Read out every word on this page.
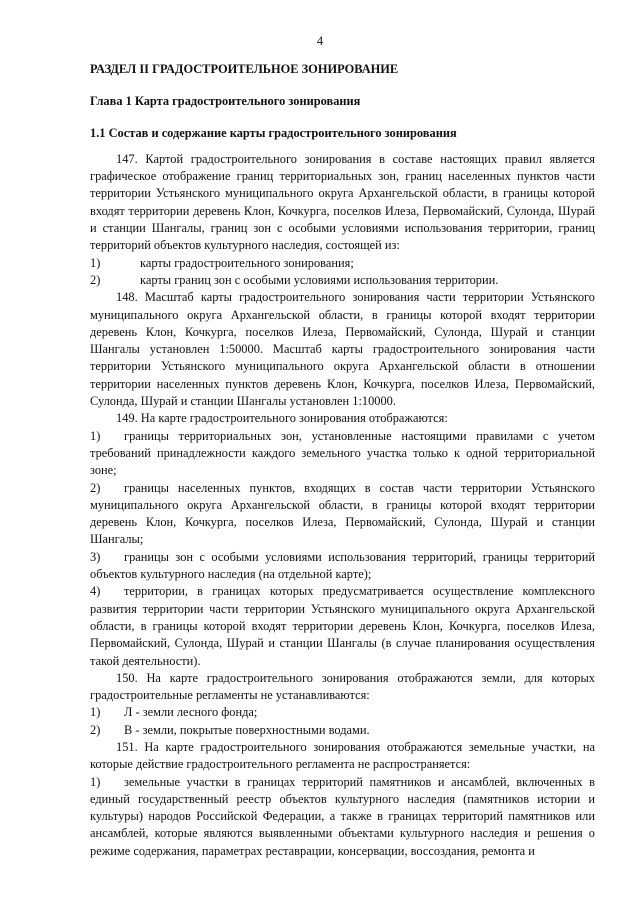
4

РАЗДЕЛ II ГРАДОСТРОИТЕЛЬНОЕ ЗОНИРОВАНИЕ

Глава 1 Карта градостроительного зонирования

1.1 Состав и содержание карты градостроительного зонирования

147. Картой градостроительного зонирования в составе настоящих правил является графическое отображение границ территориальных зон, границ населенных пунктов части территории Устьянского муниципального округа Архангельской области, в границы которой входят территории деревень Клон, Кочкурга, поселков Илеза, Первомайский, Сулонда, Шурай и станции Шангалы, границ зон с особыми условиями использования территории, границ территорий объектов культурного наследия, состоящей из:

1)	карты градостроительного зонирования;

2)	карты границ зон с особыми условиями использования территории.

148. Масштаб карты градостроительного зонирования части территории Устьянского муниципального округа Архангельской области, в границы которой входят территории деревень Клон, Кочкурга, поселков Илеза, Первомайский, Сулонда, Шурай и станции Шангалы установлен 1:50000. Масштаб карты градостроительного зонирования части территории Устьянского муниципального округа Архангельской области в отношении территории населенных пунктов деревень Клон, Кочкурга, поселков Илеза, Первомайский, Сулонда, Шурай и станции Шангалы установлен 1:10000.

149. На карте градостроительного зонирования отображаются:

1) границы территориальных зон, установленные настоящими правилами с учетом требований принадлежности каждого земельного участка только к одной территориальной зоне;

2) границы населенных пунктов, входящих в состав части территории Устьянского муниципального округа Архангельской области, в границы которой входят территории деревень Клон, Кочкурга, поселков Илеза, Первомайский, Сулонда, Шурай и станции Шангалы;

3) границы зон с особыми условиями использования территорий, границы территорий объектов культурного наследия (на отдельной карте);

4) территории, в границах которых предусматривается осуществление комплексного развития территории части территории Устьянского муниципального округа Архангельской области, в границы которой входят территории деревень Клон, Кочкурга, поселков Илеза, Первомайский, Сулонда, Шурай и станции Шангалы (в случае планирования осуществления такой деятельности).

150. На карте градостроительного зонирования отображаются земли, для которых градостроительные регламенты не устанавливаются:

1) Л - земли лесного фонда;

2) В - земли, покрытые поверхностными водами.

151. На карте градостроительного зонирования отображаются земельные участки, на которые действие градостроительного регламента не распространяется:

1) земельные участки в границах территорий памятников и ансамблей, включенных в единый государственный реестр объектов культурного наследия (памятников истории и культуры) народов Российской Федерации, а также в границах территорий памятников или ансамблей, которые являются выявленными объектами культурного наследия и решения о режиме содержания, параметрах реставрации, консервации, воссоздания, ремонта и
